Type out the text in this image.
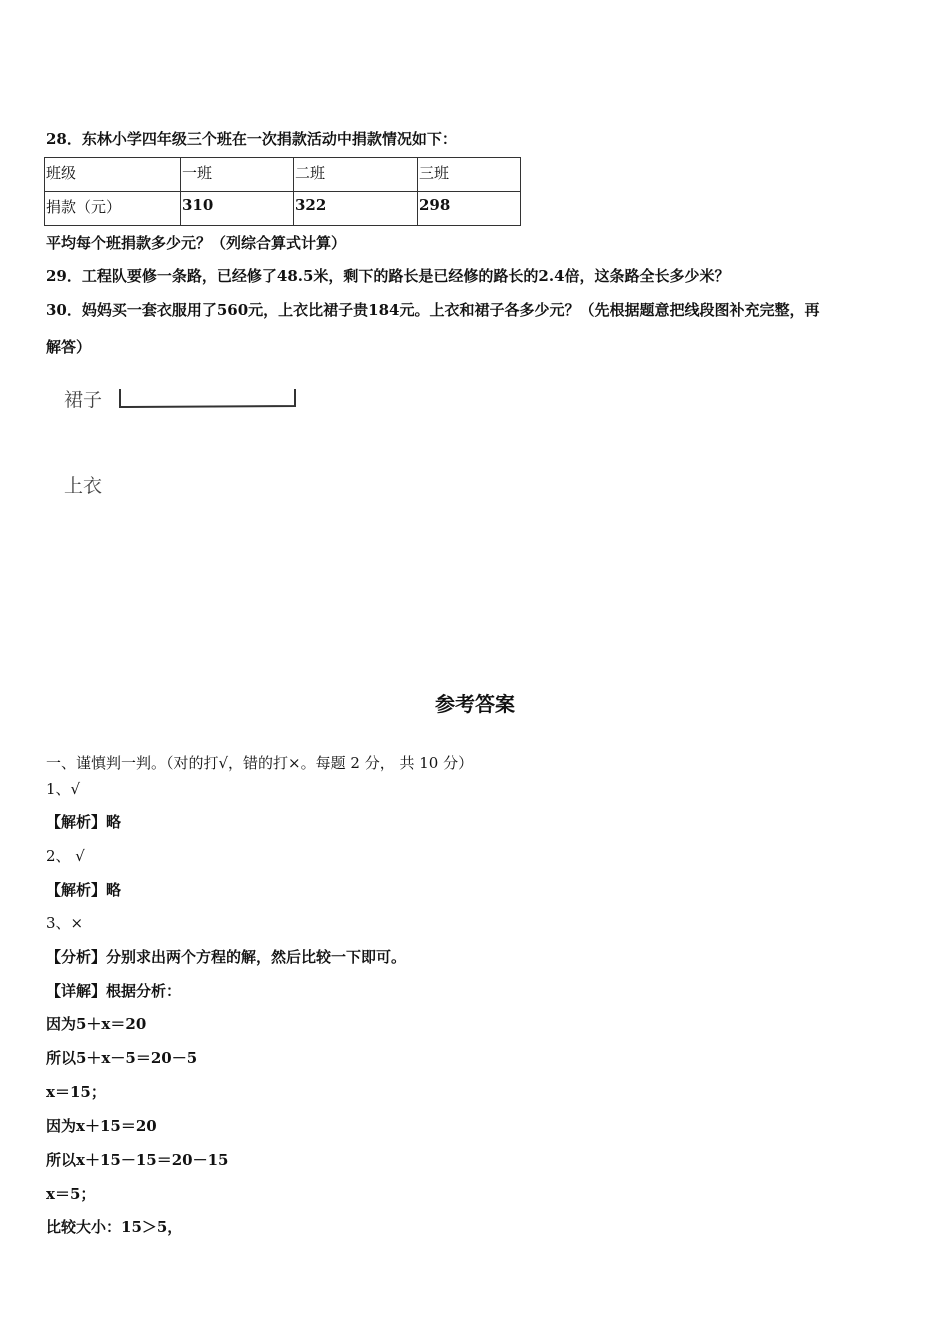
28．东林小学四年级三个班在一次捐款活动中捐款情况如下：
班级	一班	二班	三班
捐款（元）	310	322	298
平均每个班捐款多少元？（列综合算式计算）
29．工程队要修一条路，已经修了48.5米，剩下的路长是已经修的路长的2.4倍，这条路全长多少米？
30．妈妈买一套衣服用了560元，上衣比裙子贵184元。上衣和裙子各多少元？（先根据题意把线段图补充完整，再
解答）
裙子
上衣
参考答案
一、谨慎判一判。（对的打√，错的打×。每题 2 分， 共 10 分）
1、√
【解析】略
2、 √
【解析】略
3、×
【分析】分别求出两个方程的解，然后比较一下即可。
【详解】根据分析：
因为5＋x＝20
所以5＋x－5＝20－5
x＝15；
因为x＋15＝20
所以x＋15－15＝20－15
x＝5；
比较大小：15＞5，
